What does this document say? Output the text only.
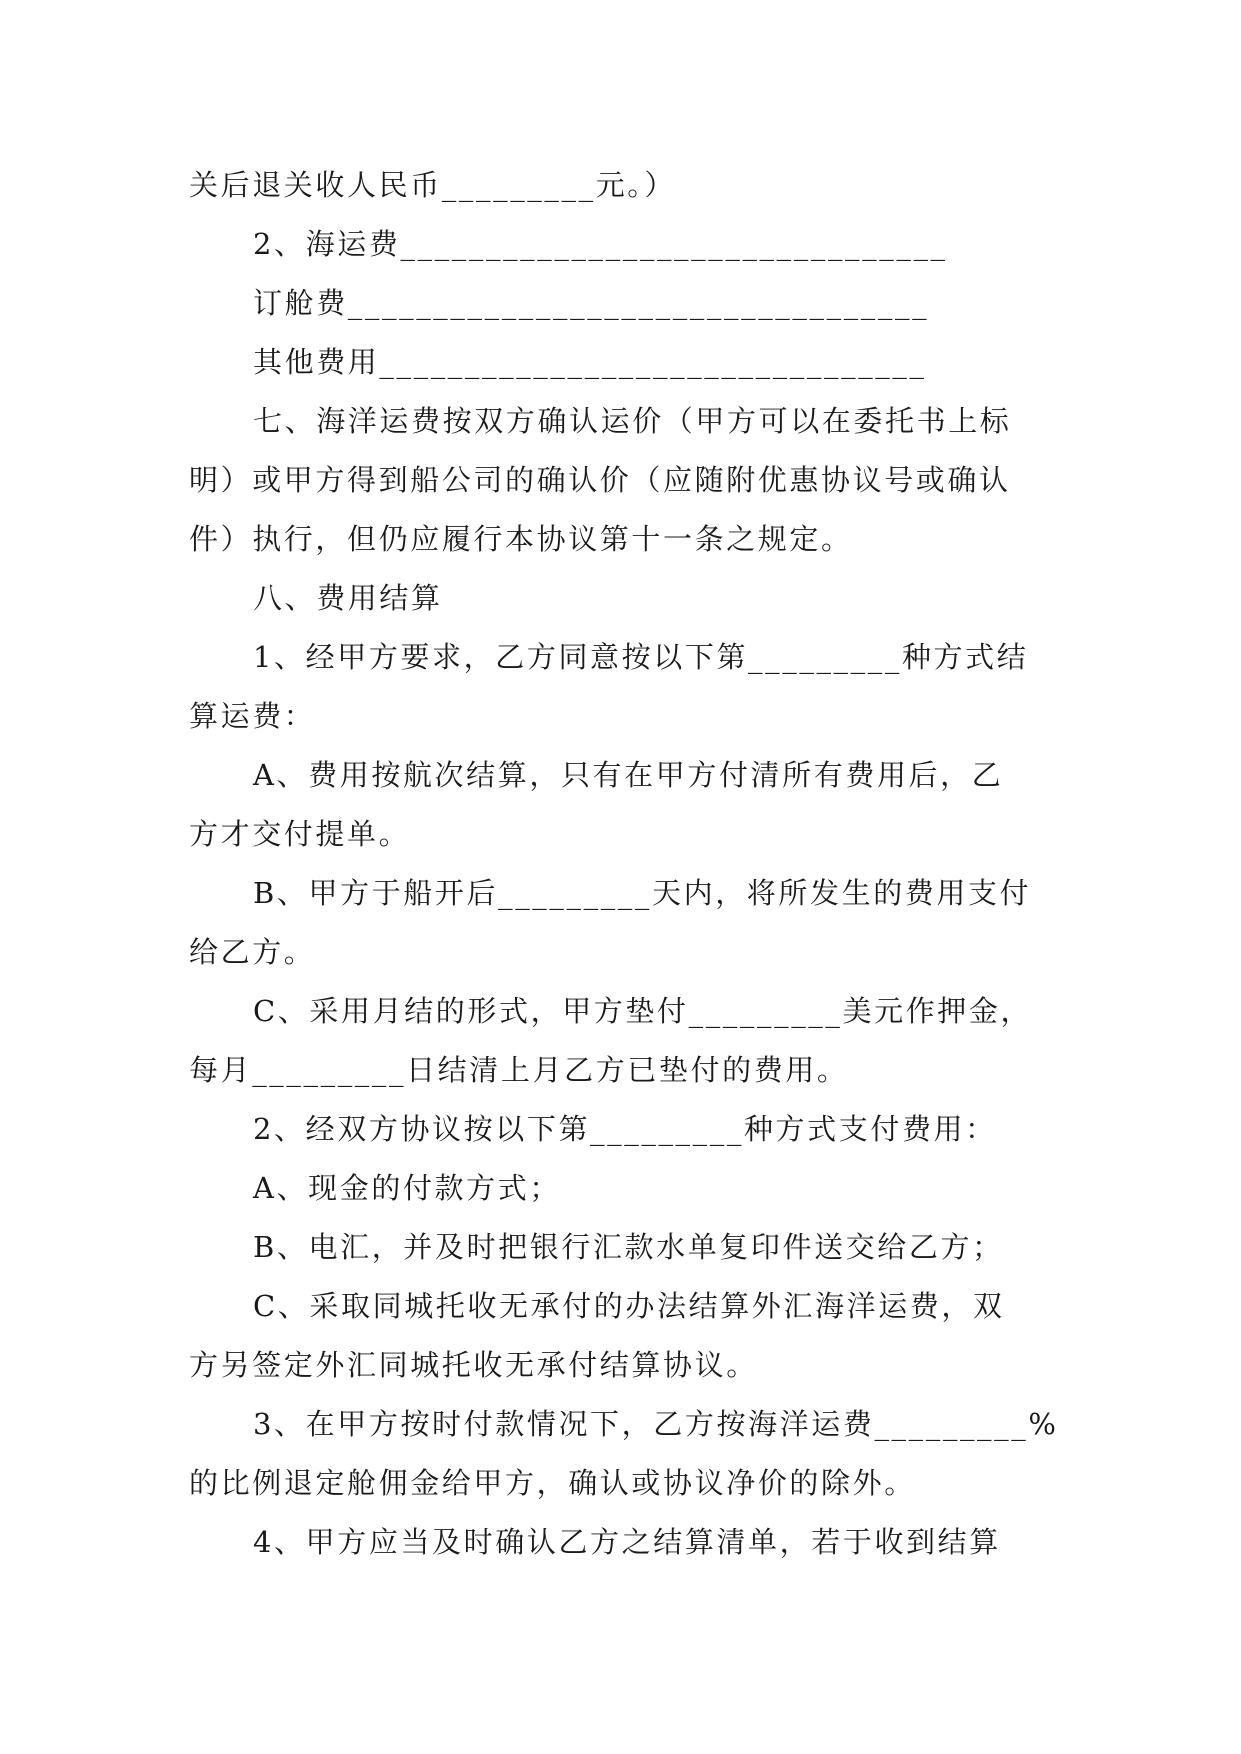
关后退关收人民币_________元。）
2、海运费________________________________
订舱费__________________________________
其他费用________________________________
七、海洋运费按双方确认运价（甲方可以在委托书上标
明）或甲方得到船公司的确认价（应随附优惠协议号或确认
件）执行，但仍应履行本协议第十一条之规定。
八、费用结算
1、经甲方要求，乙方同意按以下第_________种方式结
算运费：
A、费用按航次结算，只有在甲方付清所有费用后，乙
方才交付提单。
B、甲方于船开后_________天内，将所发生的费用支付
给乙方。
C、采用月结的形式，甲方垫付_________美元作押金，
每月_________日结清上月乙方已垫付的费用。
2、经双方协议按以下第_________种方式支付费用：
A、现金的付款方式；
B、电汇，并及时把银行汇款水单复印件送交给乙方；
C、采取同城托收无承付的办法结算外汇海洋运费，双
方另签定外汇同城托收无承付结算协议。
3、在甲方按时付款情况下，乙方按海洋运费_________%
的比例退定舱佣金给甲方，确认或协议净价的除外。
4、甲方应当及时确认乙方之结算清单，若于收到结算
